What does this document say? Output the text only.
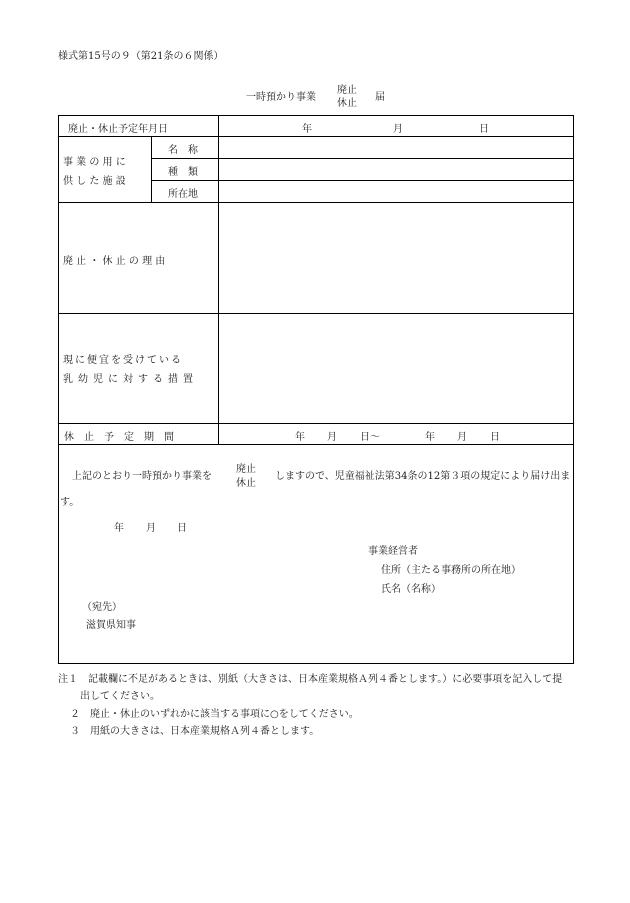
様式第15号の９（第21条の６関係）
一時預かり事業
廃止
休止
届
廃止・休止予定年月日	年	月	日
事 業 の 用 に
供 し た 施 設
名　称
種　類
所在地
廃 止 ・ 休 止 の 理 由
現に便宜を受けている
乳幼児に対する措置
休　止　予　定　期　間	年 月 日～	年 月 日
上記のとおり一時預かり事業を
廃止
休止
しますので、児童福祉法第34条の12第３項の規定により届け出ま
す。
年 月 日
事業経営者
住所（主たる事務所の所在地）
氏名（名称）
（宛先）
滋賀県知事
注１　記載欄に不足があるときは、別紙（大きさは、日本産業規格Ａ列４番とします。）に必要事項を記入して提
出してください。
２　廃止・休止のいずれかに該当する事項に○をしてください。
３　用紙の大きさは、日本産業規格Ａ列４番とします。
